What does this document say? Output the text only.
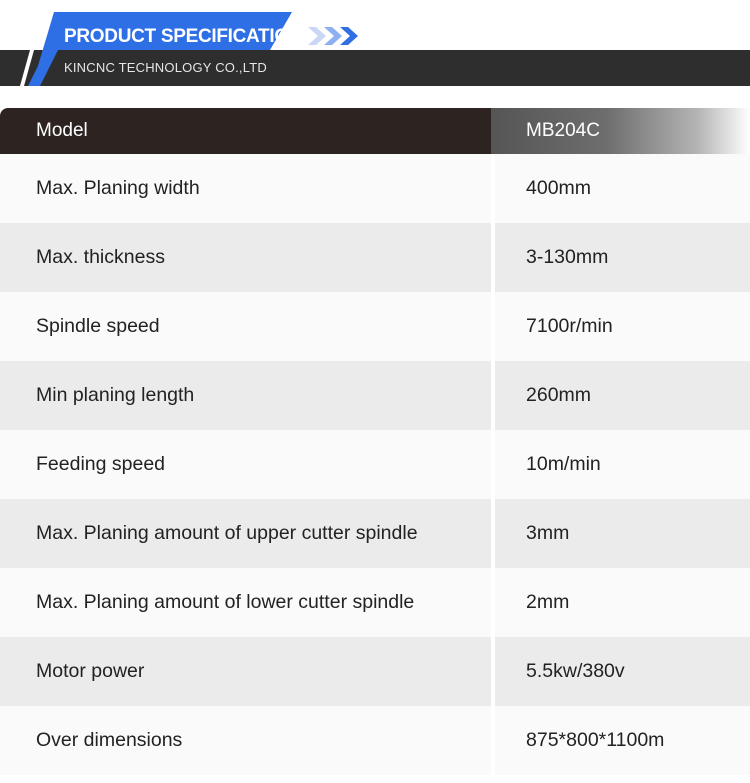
PRODUCT SPECIFICATION
KINCNC TECHNOLOGY CO.,LTD
Model	MB204C
Max. Planing width	400mm
Max. thickness	3-130mm
Spindle speed	7100r/min
Min planing length	260mm
Feeding speed	10m/min
Max. Planing amount of upper cutter spindle	3mm
Max. Planing amount of lower cutter spindle	2mm
Motor power	5.5kw/380v
Over dimensions	875*800*1100m
